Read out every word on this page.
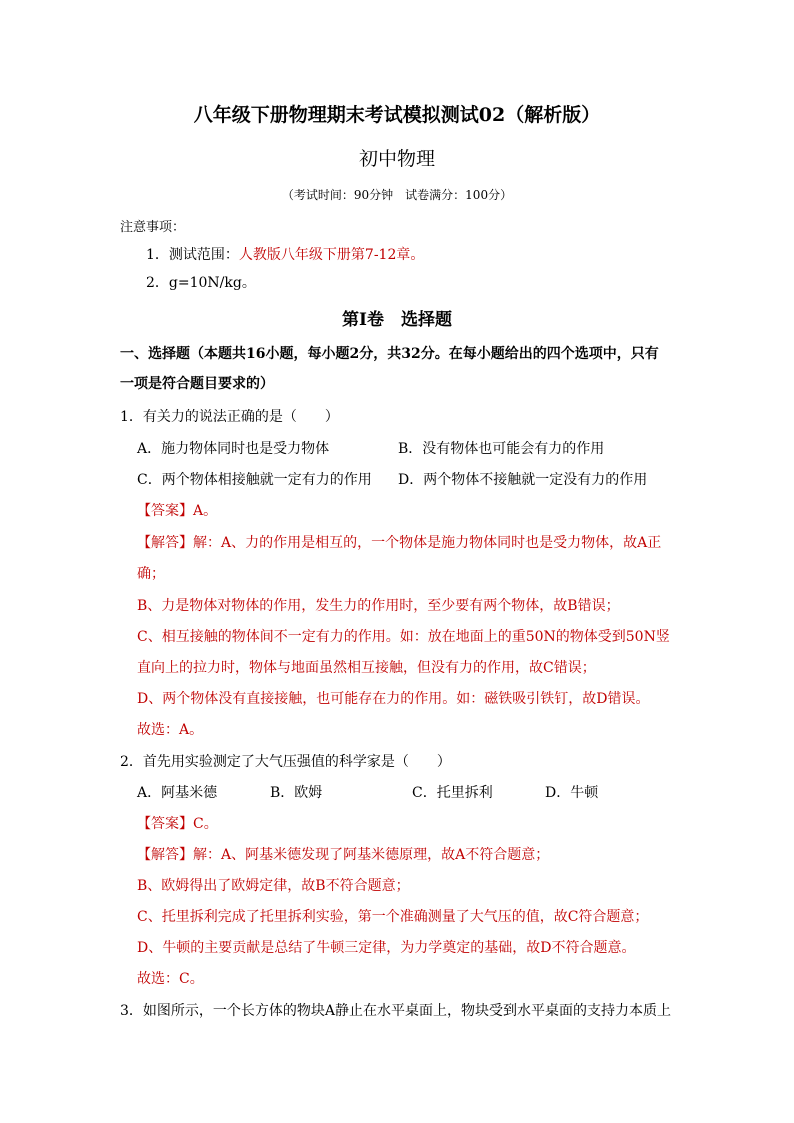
八年级下册物理期末考试模拟测试02（解析版）
初中物理
（考试时间：90分钟　试卷满分：100分）
注意事项：
1．测试范围：人教版八年级下册第7-12章。
2．g=10N/kg。
第Ⅰ卷　选择题
一、选择题（本题共16小题，每小题2分，共32分。在每小题给出的四个选项中，只有
一项是符合题目要求的）
1．有关力的说法正确的是（　　）
A．施力物体同时也是受力物体	B．没有物体也可能会有力的作用
C．两个物体相接触就一定有力的作用 D．两个物体不接触就一定没有力的作用
【答案】A。
【解答】解：A、力的作用是相互的，一个物体是施力物体同时也是受力物体，故A正
确；
B、力是物体对物体的作用，发生力的作用时，至少要有两个物体，故B错误；
C、相互接触的物体间不一定有力的作用。如：放在地面上的重50N的物体受到50N竖
直向上的拉力时，物体与地面虽然相互接触，但没有力的作用，故C错误；
D、两个物体没有直接接触，也可能存在力的作用。如：磁铁吸引铁钉，故D错误。
故选：A。
2．首先用实验测定了大气压强值的科学家是（　　）
A．阿基米德	B．欧姆	C．托里拆利	D．牛顿
【答案】C。
【解答】解：A、阿基米德发现了阿基米德原理，故A不符合题意；
B、欧姆得出了欧姆定律，故B不符合题意；
C、托里拆利完成了托里拆利实验，第一个准确测量了大气压的值，故C符合题意；
D、牛顿的主要贡献是总结了牛顿三定律，为力学奠定的基础，故D不符合题意。
故选：C。
3．如图所示，一个长方体的物块A静止在水平桌面上，物块受到水平桌面的支持力本质上
